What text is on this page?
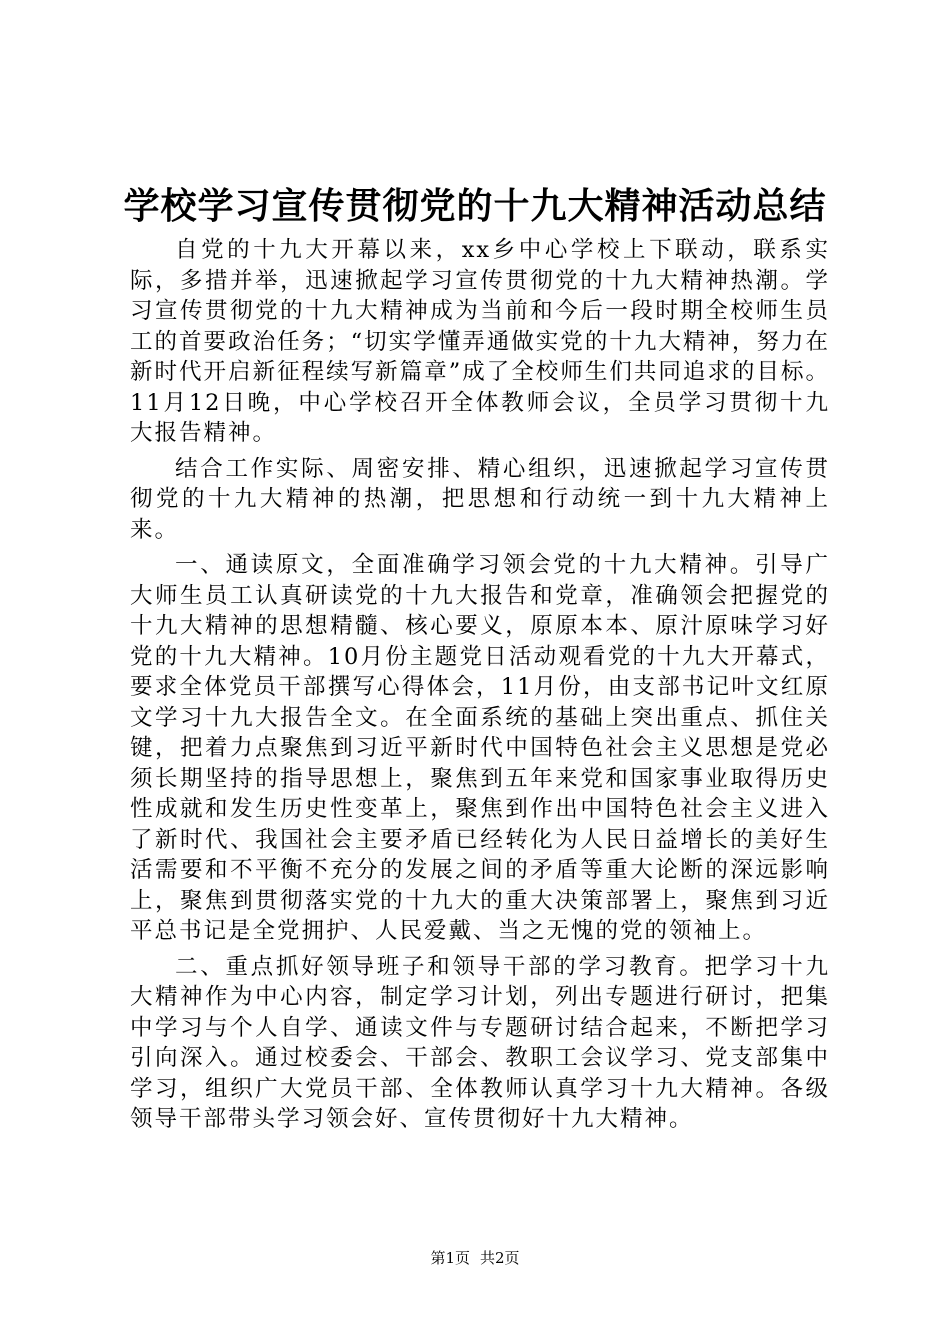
学校学习宣传贯彻党的十九大精神活动总结

自党的十九大开幕以来，xx乡中心学校上下联动，联系实际，多措并举，迅速掀起学习宣传贯彻党的十九大精神热潮。学习宣传贯彻党的十九大精神成为当前和今后一段时期全校师生员工的首要政治任务；“切实学懂弄通做实党的十九大精神，努力在新时代开启新征程续写新篇章”成了全校师生们共同追求的目标。11月12日晚，中心学校召开全体教师会议，全员学习贯彻十九大报告精神。

结合工作实际、周密安排、精心组织，迅速掀起学习宣传贯彻党的十九大精神的热潮，把思想和行动统一到十九大精神上来。

一、通读原文，全面准确学习领会党的十九大精神。引导广大师生员工认真研读党的十九大报告和党章，准确领会把握党的十九大精神的思想精髓、核心要义，原原本本、原汁原味学习好党的十九大精神。10月份主题党日活动观看党的十九大开幕式，要求全体党员干部撰写心得体会，11月份，由支部书记叶文红原文学习十九大报告全文。在全面系统的基础上突出重点、抓住关键，把着力点聚焦到习近平新时代中国特色社会主义思想是党必须长期坚持的指导思想上，聚焦到五年来党和国家事业取得历史性成就和发生历史性变革上，聚焦到作出中国特色社会主义进入了新时代、我国社会主要矛盾已经转化为人民日益增长的美好生活需要和不平衡不充分的发展之间的矛盾等重大论断的深远影响上，聚焦到贯彻落实党的十九大的重大决策部署上，聚焦到习近平总书记是全党拥护、人民爱戴、当之无愧的党的领袖上。

二、重点抓好领导班子和领导干部的学习教育。把学习十九大精神作为中心内容，制定学习计划，列出专题进行研讨，把集中学习与个人自学、通读文件与专题研讨结合起来，不断把学习引向深入。通过校委会、干部会、教职工会议学习、党支部集中学习，组织广大党员干部、全体教师认真学习十九大精神。各级领导干部带头学习领会好、宣传贯彻好十九大精神。

第1页 共2页
